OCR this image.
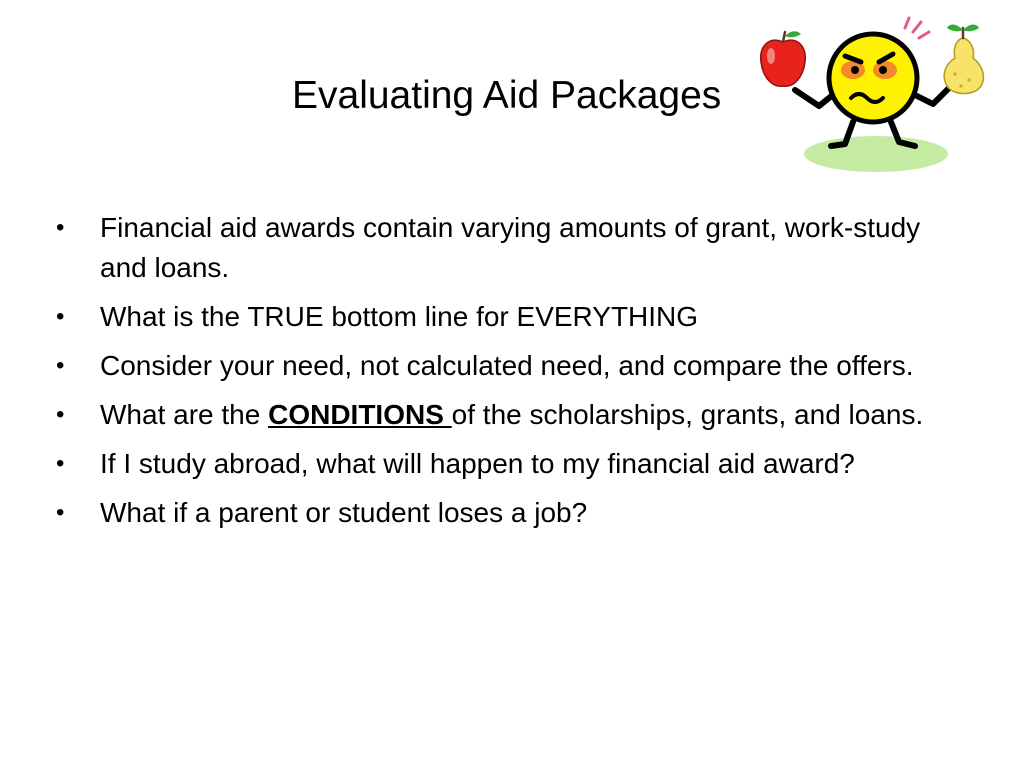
Evaluating Aid Packages
•	Financial aid awards contain varying amounts of grant, work-study and loans.
•	What is the TRUE bottom line for EVERYTHING
•	Consider your need, not calculated need, and compare the offers.
•	What are the CONDITIONS of the scholarships, grants, and loans.
•	If I study abroad, what will happen to my financial aid award?
•	What if a parent or student loses a job?
